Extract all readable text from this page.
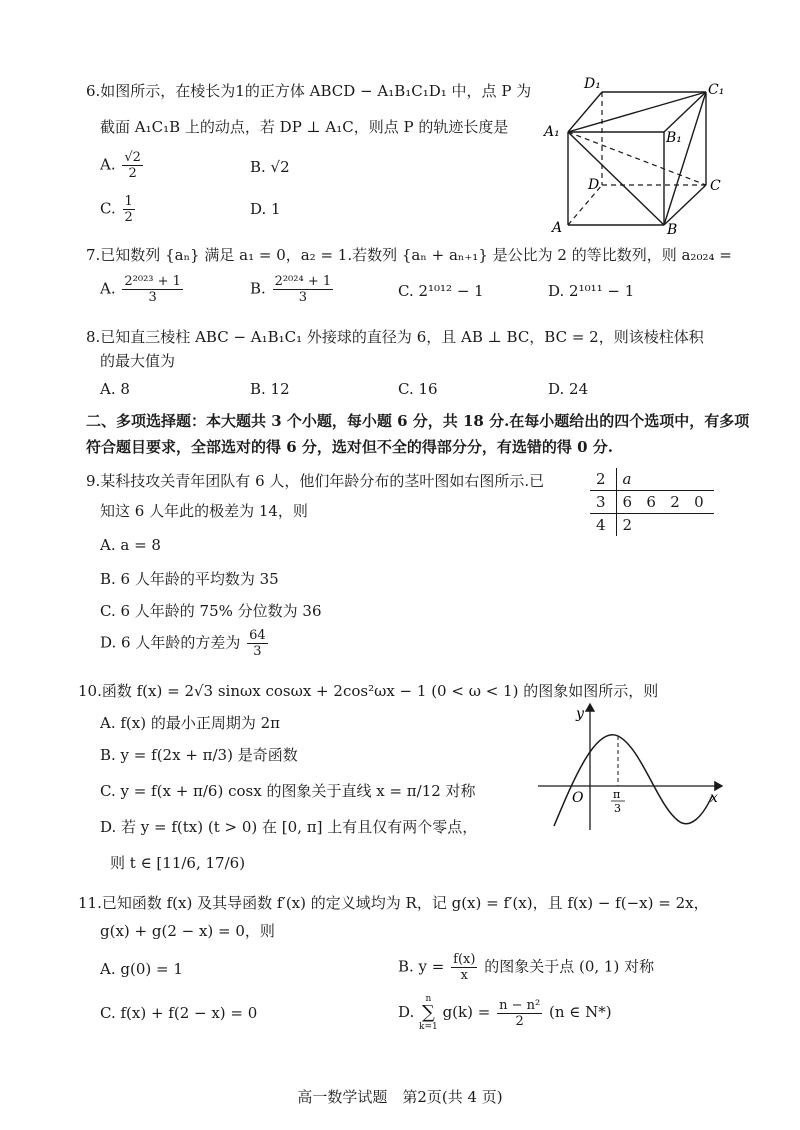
6.如图所示，在棱长为1的正方体 ABCD − A₁B₁C₁D₁ 中，点 P 为
截面 A₁C₁B 上的动点，若 DP ⊥ A₁C，则点 P 的轨迹长度是
A. $\frac{√2}{2}$	B. √2
C. $\frac{1}{2}$	D. 1
D₁	C₁
A₁	B₁
D	C
A	B
7.已知数列 {aₙ} 满足 a₁ = 0，a₂ = 1.若数列 {aₙ + aₙ₊₁} 是公比为 2 的等比数列，则 a₂₀₂₄ =
A. $\frac{\text{2²⁰²³ + 1}}{3}$	B. $\frac{\text{2²⁰²⁴ + 1}}{3}$	C. 2¹⁰¹² − 1	D. 2¹⁰¹¹ − 1
8.已知直三棱柱 ABC − A₁B₁C₁ 外接球的直径为 6，且 AB ⊥ BC，BC = 2，则该棱柱体积
的最大值为
A. 8	B. 12	C. 16	D. 24
二、多项选择题：本大题共 3 个小题，每小题 6 分，共 18 分.在每小题给出的四个选项中，有多项
符合题目要求，全部选对的得 6 分，选对但不全的得部分分，有选错的得 0 分.
9.某科技攻关青年团队有 6 人，他们年龄分布的茎叶图如右图所示.已
知这 6 人年此的极差为 14，则
A. a = 8
B. 6 人年龄的平均数为 35
C. 6 人年龄的 75% 分位数为 36
D. 6 人年龄的方差为 $\frac{64}{3}$
2	a
3	6   6   2   0
4	2
10.函数 f(x) = 2√3 sinωx cosωx + 2cos²ωx − 1 (0 < ω < 1) 的图象如图所示，则
A. f(x) 的最小正周期为 2π
B. y = f(2x + π/3) 是奇函数
C. y = f(x + π/6) cosx 的图象关于直线 x = π/12 对称
D. 若 y = f(tx) (t > 0) 在 [0, π] 上有且仅有两个零点，
则 t ∈ [11/6, 17/6)
y
x
O	π
3
11.已知函数 f(x) 及其导函数 f′(x) 的定义域均为 R，记 g(x) = f′(x)，且 f(x) − f(−x) = 2x，
g(x) + g(2 − x) = 0，则
A. g(0) = 1	B. $y = \frac{f(x)}{x}$ 的图象关于点 (0, 1) 对称
C. f(x) + f(2 − x) = 0	D.
n
∑
k=1
$g(k) = \frac{\text{n − n²}}{2} (n$ ∈ N*)
高一数学试题　第2页(共 4 页)
